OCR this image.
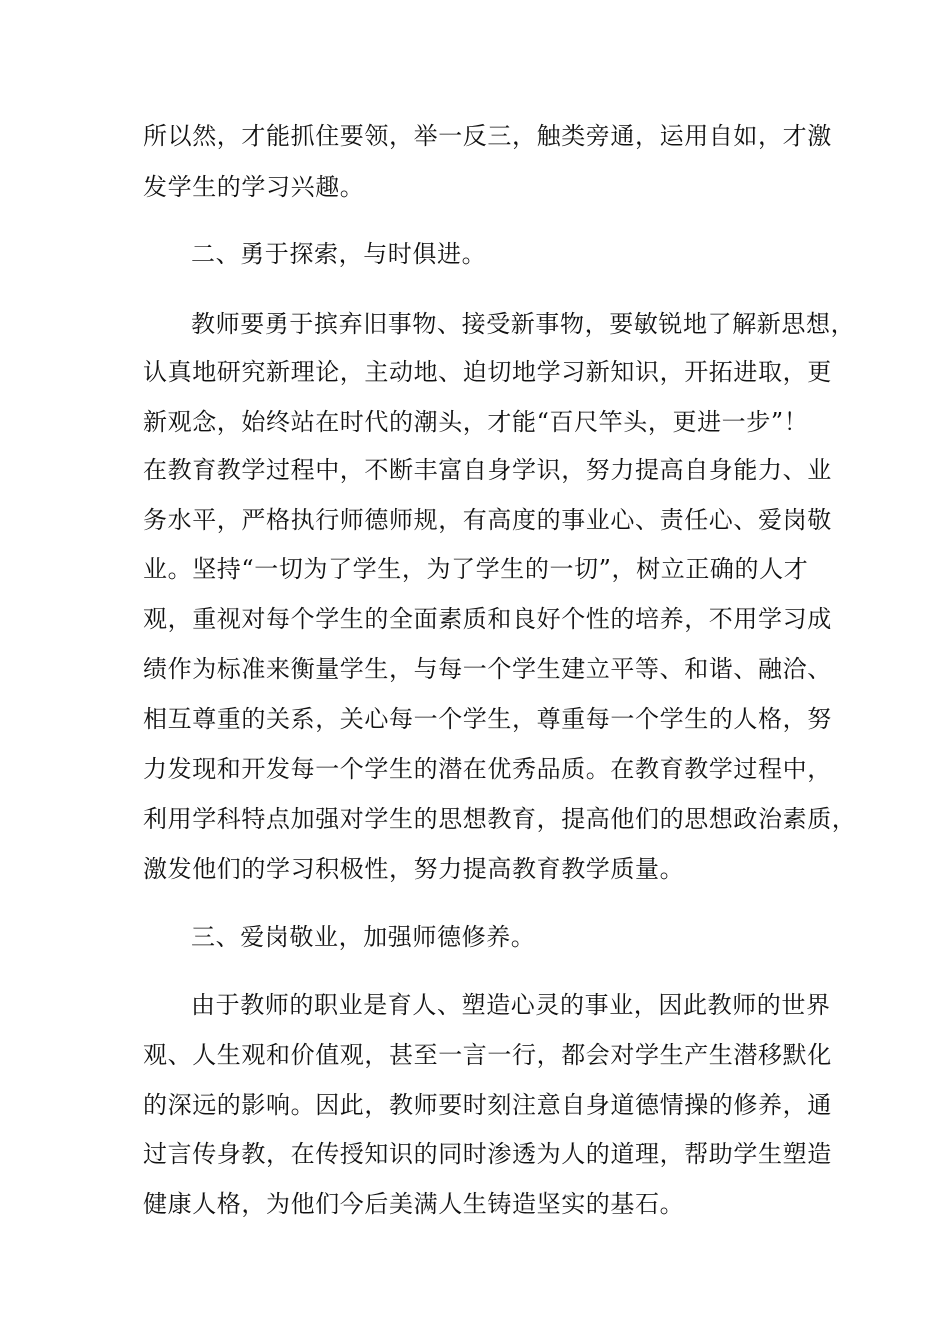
所以然，才能抓住要领，举一反三，触类旁通，运用自如，才激
发学生的学习兴趣。
二、勇于探索，与时俱进。
教师要勇于摈弃旧事物、接受新事物，要敏锐地了解新思想，
认真地研究新理论，主动地、迫切地学习新知识，开拓进取，更
新观念，始终站在时代的潮头，才能“百尺竿头，更进一步”！
在教育教学过程中，不断丰富自身学识，努力提高自身能力、业
务水平，严格执行师德师规，有高度的事业心、责任心、爱岗敬
业。坚持“一切为了学生，为了学生的一切”，树立正确的人才
观，重视对每个学生的全面素质和良好个性的培养，不用学习成
绩作为标准来衡量学生，与每一个学生建立平等、和谐、融洽、
相互尊重的关系，关心每一个学生，尊重每一个学生的人格，努
力发现和开发每一个学生的潜在优秀品质。在教育教学过程中，
利用学科特点加强对学生的思想教育，提高他们的思想政治素质，
激发他们的学习积极性，努力提高教育教学质量。
三、爱岗敬业，加强师德修养。
由于教师的职业是育人、塑造心灵的事业，因此教师的世界
观、人生观和价值观，甚至一言一行，都会对学生产生潜移默化
的深远的影响。因此，教师要时刻注意自身道德情操的修养，通
过言传身教，在传授知识的同时渗透为人的道理，帮助学生塑造
健康人格，为他们今后美满人生铸造坚实的基石。
